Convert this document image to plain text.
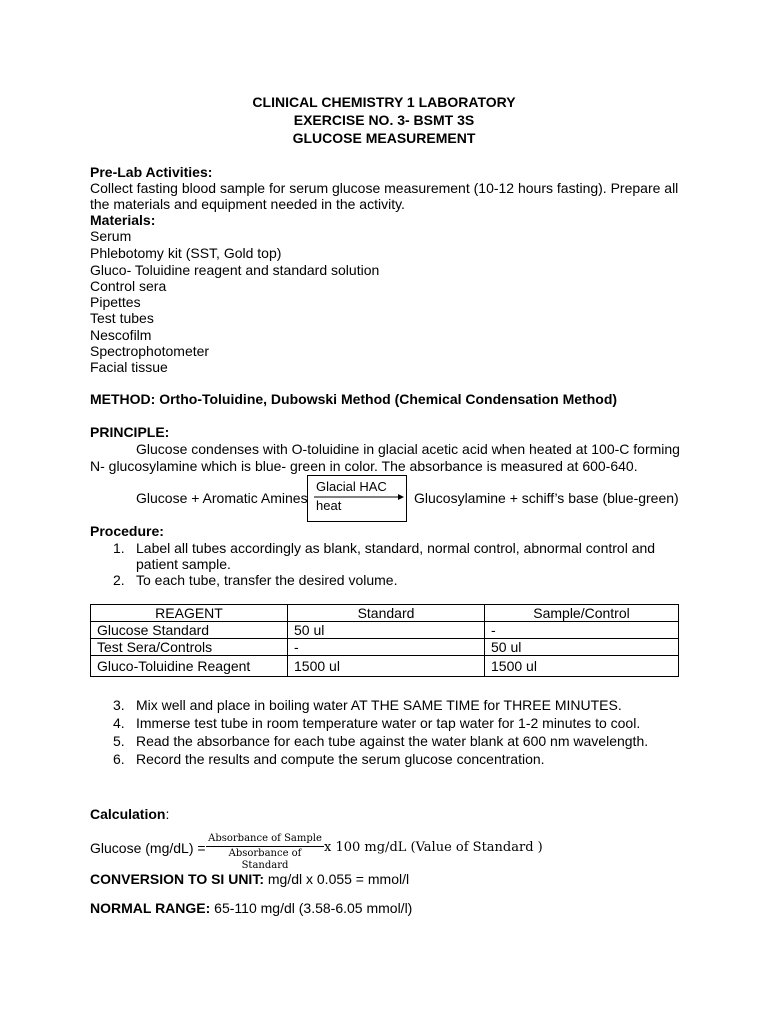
CLINICAL CHEMISTRY 1 LABORATORY
EXERCISE NO. 3- BSMT 3S
GLUCOSE MEASUREMENT
Pre-Lab Activities:
Collect fasting blood sample for serum glucose measurement (10-12 hours fasting). Prepare all
the materials and equipment needed in the activity.
Materials:
Serum
Phlebotomy kit (SST, Gold top)
Gluco- Toluidine reagent and standard solution
Control sera
Pipettes
Test tubes
Nescofilm
Spectrophotometer
Facial tissue
METHOD: Ortho-Toluidine, Dubowski Method (Chemical Condensation Method)
PRINCIPLE:
Glucose condenses with O-toluidine in glacial acetic acid when heated at 100-C forming
N- glucosylamine which is blue- green in color. The absorbance is measured at 600-640.
Glucose + Aromatic Amines
Glacial HAC
heat	Glucosylamine + schiff’s base (blue-green)
Procedure:
1. Label all tubes accordingly as blank, standard, normal control, abnormal control and
patient sample.
2. To each tube, transfer the desired volume.
REAGENT	Standard	Sample/Control
Glucose Standard	50 ul	-
Test Sera/Controls	-	50 ul
Gluco-Toluidine Reagent	1500 ul	1500 ul
3. Mix well and place in boiling water AT THE SAME TIME for THREE MINUTES.
4. Immerse test tube in room temperature water or tap water for 1-2 minutes to cool.
5. Read the absorbance for each tube against the water blank at 600 nm wavelength.
6. Record the results and compute the serum glucose concentration.
Calculation:
Glucose (mg/dL) =
Absorbance of Sample
Absorbance of Standard
x 100 mg/dL (Value of Standard )
CONVERSION TO SI UNIT: mg/dl x 0.055 = mmol/l
NORMAL RANGE: 65-110 mg/dl (3.58-6.05 mmol/l)
